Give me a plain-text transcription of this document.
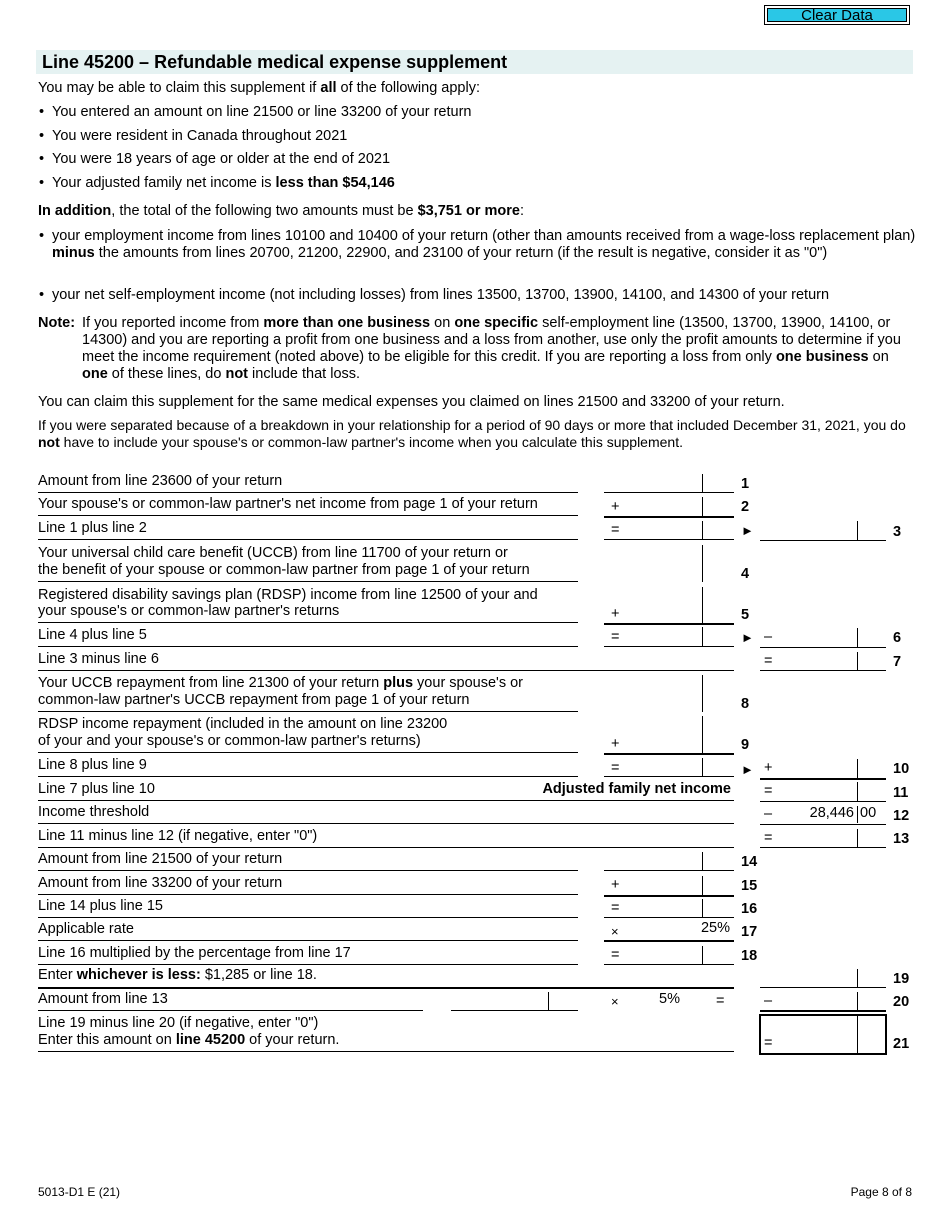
Clear Data
Line 45200 – Refundable medical expense supplement
You may be able to claim this supplement if all of the following apply:
• You entered an amount on line 21500 or line 33200 of your return
• You were resident in Canada throughout 2021
• You were 18 years of age or older at the end of 2021
• Your adjusted family net income is less than $54,146
In addition, the total of the following two amounts must be $3,751 or more:
• your employment income from lines 10100 and 10400 of your return (other than amounts received from a wage-loss replacement plan) minus the amounts from lines 20700, 21200, 22900, and 23100 of your return (if the result is negative, consider it as "0")
• your net self-employment income (not including losses) from lines 13500, 13700, 13900, 14100, and 14300 of your return
Note: If you reported income from more than one business on one specific self-employment line (13500, 13700, 13900, 14100, or 14300) and you are reporting a profit from one business and a loss from another, use only the profit amounts to determine if you meet the income requirement (noted above) to be eligible for this credit. If you are reporting a loss from only one business on one of these lines, do not include that loss.
You can claim this supplement for the same medical expenses you claimed on lines 21500 and 33200 of your return.
If you were separated because of a breakdown in your relationship for a period of 90 days or more that included December 31, 2021, you do not have to include your spouse's or common-law partner's income when you calculate this supplement.
Amount from line 23600 of your return	1
Your spouse's or common-law partner's net income from page 1 of your return	+	2
Line 1 plus line 2	=	►	3
Your universal child care benefit (UCCB) from line 11700 of your return or
the benefit of your spouse or common-law partner from page 1 of your return	4
Registered disability savings plan (RDSP) income from line 12500 of your and
your spouse's or common-law partner's returns	+	5
Line 4 plus line 5	=	► –	6
Line 3 minus line 6	=	7
Your UCCB repayment from line 21300 of your return plus your spouse's or
common-law partner's UCCB repayment from page 1 of your return	8
RDSP income repayment (included in the amount on line 23200
of your and your spouse's or common-law partner's returns)	+	9
Line 8 plus line 9	=	► +	10
Line 7 plus line 10	Adjusted family net income =	11
Income threshold	–	28,446 00 12
Line 11 minus line 12 (if negative, enter "0")	=	13
Amount from line 21500 of your return	14
Amount from line 33200 of your return	+	15
Line 14 plus line 15	=	16
Applicable rate	×	25% 17
Line 16 multiplied by the percentage from line 17	=	18
Enter whichever is less: $1,285 or line 18.	19
Amount from line 13	×	5% =	–	20
Line 19 minus line 20 (if negative, enter "0")
Enter this amount on line 45200 of your return.	=	21
5013-D1 E (21)	Page 8 of 8
